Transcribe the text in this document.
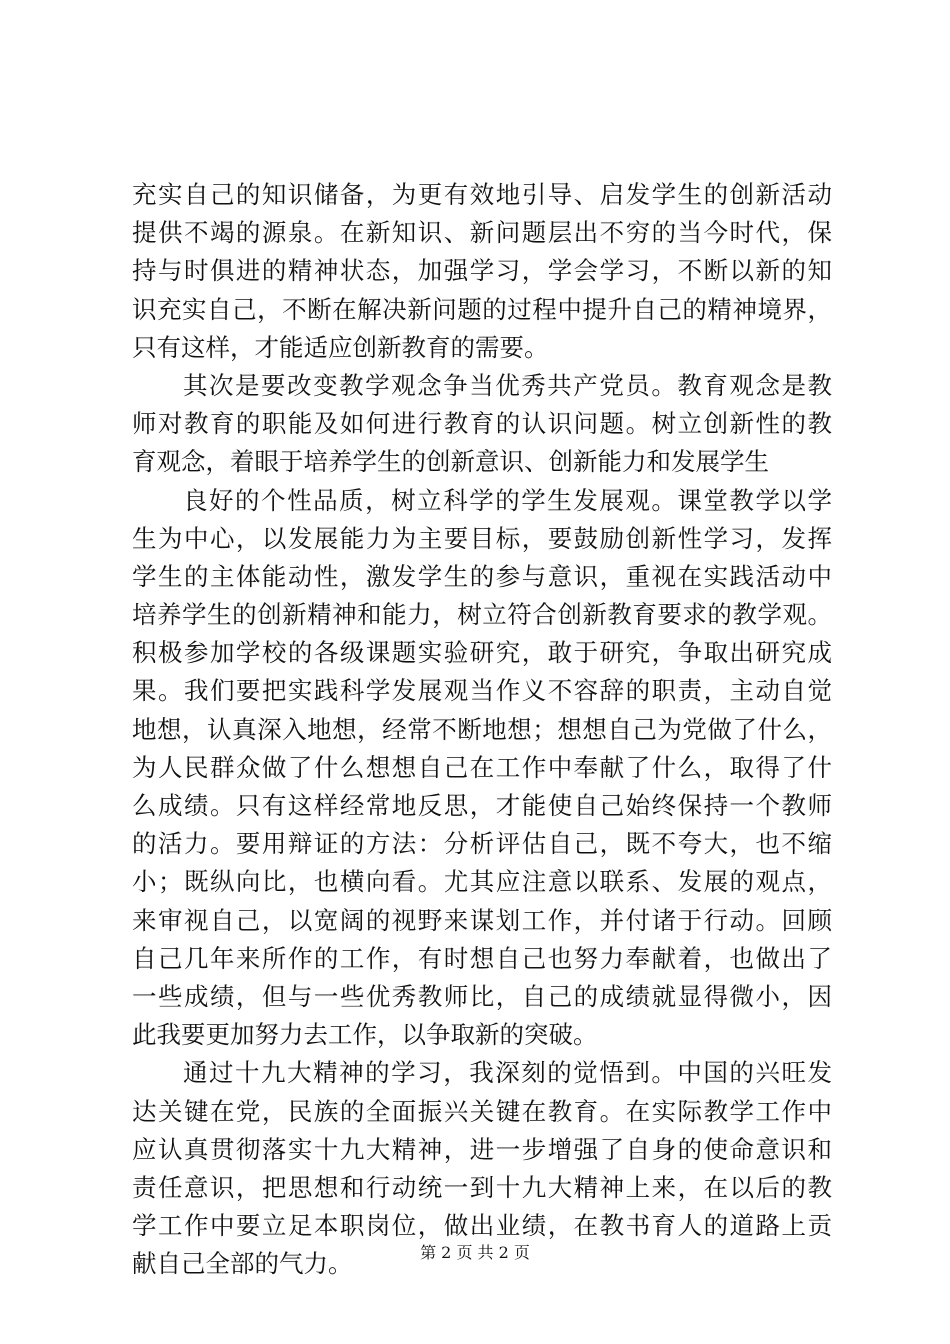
充实自己的知识储备，为更有效地引导、启发学生的创新活动
提供不竭的源泉。在新知识、新问题层出不穷的当今时代，保
持与时俱进的精神状态，加强学习，学会学习，不断以新的知
识充实自己，不断在解决新问题的过程中提升自己的精神境界，
只有这样，才能适应创新教育的需要。
其次是要改变教学观念争当优秀共产党员。教育观念是教
师对教育的职能及如何进行教育的认识问题。树立创新性的教
育观念，着眼于培养学生的创新意识、创新能力和发展学生
良好的个性品质，树立科学的学生发展观。课堂教学以学
生为中心，以发展能力为主要目标，要鼓励创新性学习，发挥
学生的主体能动性，激发学生的参与意识，重视在实践活动中
培养学生的创新精神和能力，树立符合创新教育要求的教学观。
积极参加学校的各级课题实验研究，敢于研究，争取出研究成
果。我们要把实践科学发展观当作义不容辞的职责，主动自觉
地想，认真深入地想，经常不断地想；想想自己为党做了什么，
为人民群众做了什么想想自己在工作中奉献了什么，取得了什
么成绩。只有这样经常地反思，才能使自己始终保持一个教师
的活力。要用辩证的方法：分析评估自己，既不夸大，也不缩
小；既纵向比，也横向看。尤其应注意以联系、发展的观点，
来审视自己，以宽阔的视野来谋划工作，并付诸于行动。回顾
自己几年来所作的工作，有时想自己也努力奉献着，也做出了
一些成绩，但与一些优秀教师比，自己的成绩就显得微小，因
此我要更加努力去工作，以争取新的突破。
通过十九大精神的学习，我深刻的觉悟到。中国的兴旺发
达关键在党，民族的全面振兴关键在教育。在实际教学工作中
应认真贯彻落实十九大精神，进一步增强了自身的使命意识和
责任意识，把思想和行动统一到十九大精神上来，在以后的教
学工作中要立足本职岗位，做出业绩，在教书育人的道路上贡
献自己全部的气力。	第 2 页 共 2 页
